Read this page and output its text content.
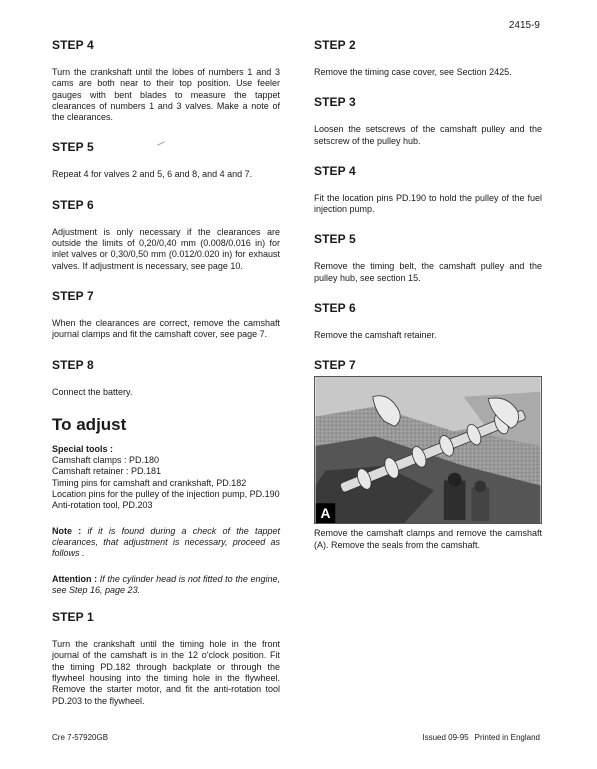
2415-9
STEP 4

Turn the crankshaft until the lobes of numbers 1 and 3 cams are both near to their top position. Use feeler gauges with bent blades to measure the tappet clearances of numbers 1 and 3 valves. Make a note of the clearances.

STEP 5

Repeat 4 for valves 2 and 5, 6 and 8, and 4 and 7.

STEP 6

Adjustment is only necessary if the clearances are outside the limits of 0,20/0,40 mm (0.008/0.016 in) for inlet valves or 0,30/0,50 mm (0.012/0.020 in) for exhaust valves. If adjustment is necessary, see page 10.

STEP 7

When the clearances are correct, remove the camshaft journal clamps and fit the camshaft cover, see page 7.

STEP 8

Connect the battery.

To adjust
Special tools :
Camshaft clamps : PD.180
Camshaft retainer : PD.181
Timing pins for camshaft and crankshaft, PD.182
Location pins for the pulley of the injection pump, PD.190
Anti-rotation tool, PD.203

Note : if it is found during a check of the tappet clearances, that adjustment is necessary, proceed as follows .

Attention : If the cylinder head is not fitted to the engine, see Step 16, page 23.

STEP 1

Turn the crankshaft until the timing hole in the front journal of the camshaft is in the 12 o'clock position. Fit the timing PD.182 through backplate or through the flywheel housing into the timing hole in the flywheel. Remove the starter motor, and fit the anti-rotation tool PD.203 to the flywheel.

STEP 2

Remove the timing case cover, see Section 2425.

STEP 3

Loosen the setscrews of the camshaft pulley and the setscrew of the pulley hub.

STEP 4

Fit the location pins PD.190 to hold the pulley of the fuel injection pump.

STEP 5

Remove the timing belt, the camshaft pulley and the pulley hub, see section 15.

STEP 6

Remove the camshaft retainer.

STEP 7
A

Remove the camshaft clamps and remove the camshaft (A). Remove the seals from the camshaft.

Cre 7-57920GB	Issued 09-95 Printed in England
